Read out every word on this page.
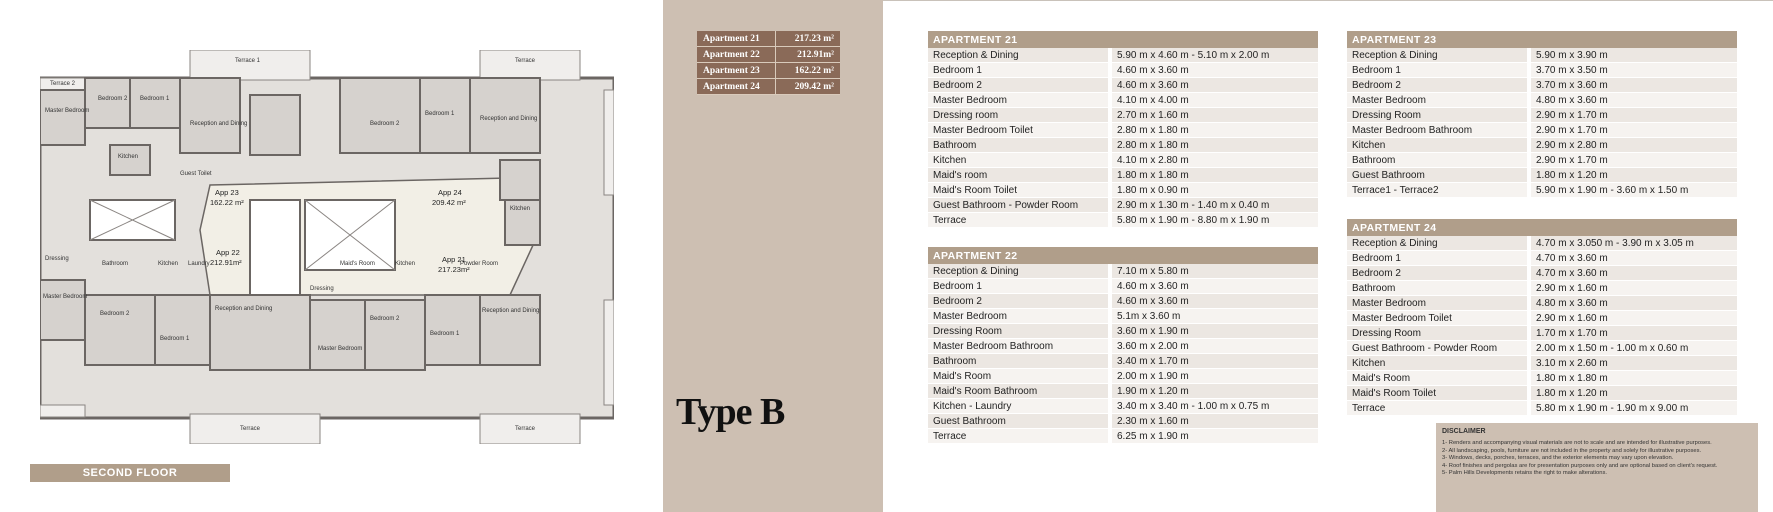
Terrace 1	Terrace
Terrace	Terrace
Terrace 2
Bedroom 2 Bedroom 1
Reception and Dining
Master Bedroom
Kitchen
Kitchen
Bedroom 2
Bedroom 1
Reception and Dining
Dressing
Master Bedroom
Bedroom 2
Bedroom 1
Reception and Dining
Master Bedroom
Bedroom 2
Bedroom 1
Reception and Dining
Bathroom	Kitchen Laundry	Maid's Room	Kitchen	Powder Room
Guest Toilet
Dressing
App 23
162.22 m²
App 24
209.42 m²
App 22
212.91m²	App 21
217.23m²
SECOND FLOOR
Apartment 21	217.23 m²
Apartment 22	212.91m²
Apartment 23	162.22 m²
Apartment 24	209.42 m²
Type B
APARTMENT 21	
Reception & Dining	5.90 m x 4.60 m - 5.10 m x 2.00 m
Bedroom 1	4.60 m x 3.60 m
Bedroom 2	4.60 m x 3.60 m
Master Bedroom	4.10 m x 4.00 m
Dressing room	2.70 m x 1.60 m
Master Bedroom Toilet	2.80 m x 1.80 m
Bathroom	2.80 m x 1.80 m
Kitchen	4.10 m x 2.80 m
Maid's room	1.80 m x 1.80 m
Maid's Room Toilet	1.80 m x 0.90 m
Guest Bathroom - Powder Room	2.90 m x 1.30 m - 1.40 m x 0.40 m
Terrace	5.80 m x 1.90 m - 8.80 m x 1.90 m
APARTMENT 22	
Reception & Dining	7.10 m x 5.80 m
Bedroom 1	4.60 m x 3.60 m
Bedroom 2	4.60 m x 3.60 m
Master Bedroom	5.1m x 3.60 m
Dressing Room	3.60 m x 1.90 m
Master Bedroom Bathroom	3.60 m x 2.00 m
Bathroom	3.40 m x 1.70 m
Maid's Room	2.00 m x 1.90 m
Maid's Room Bathroom	1.90 m x 1.20 m
Kitchen - Laundry	3.40 m x 3.40 m - 1.00 m x 0.75 m
Guest Bathroom	2.30 m x 1.60 m
Terrace	6.25 m x 1.90 m
APARTMENT 23	
Reception & Dining	5.90 m x 3.90 m
Bedroom 1	3.70 m x 3.50 m
Bedroom 2	3.70 m x 3.60 m
Master Bedroom	4.80 m x 3.60 m
Dressing Room	2.90 m x 1.70 m
Master Bedroom Bathroom	2.90 m x 1.70 m
Kitchen	2.90 m x 2.80 m
Bathroom	2.90 m x 1.70 m
Guest Bathroom	1.80 m x 1.20 m
Terrace1 - Terrace2	5.90 m x 1.90 m - 3.60 m x 1.50 m
APARTMENT 24	
Reception & Dining	4.70 m x 3.050 m - 3.90 m x 3.05 m
Bedroom 1	4.70 m x 3.60 m
Bedroom 2	4.70 m x 3.60 m
Bathroom	2.90 m x 1.60 m
Master Bedroom	4.80 m x 3.60 m
Master Bedroom Toilet	2.90 m x 1.60 m
Dressing Room	1.70 m x 1.70 m
Guest Bathroom - Powder Room	2.00 m x 1.50 m - 1.00 m x 0.60 m
Kitchen	3.10 m x 2.60 m
Maid's Room	1.80 m x 1.80 m
Maid's Room Toilet	1.80 m x 1.20 m
Terrace	5.80 m x 1.90 m - 1.90 m x 9.00 m
DISCLAIMER
1- Renders and accompanying visual materials are not to scale and are intended for illustrative purposes.
2- All landscaping, pools, furniture are not included in the property and solely for illustrative purposes.
3- Windows, decks, porches, terraces, and the exterior elements may vary upon elevation.
4- Roof finishes and pergolas are for presentation purposes only and are optional based on client's request.
5- Palm Hills Developments retains the right to make alterations.
